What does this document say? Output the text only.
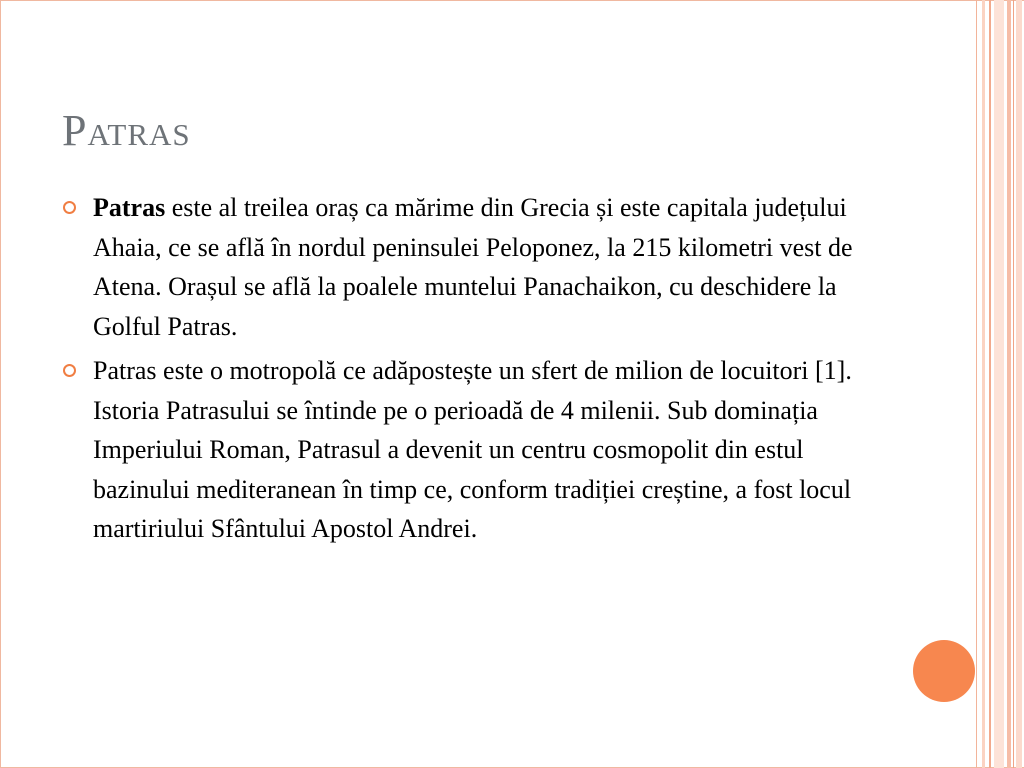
Patras
Patras este al treilea oraș ca mărime din Grecia și este capitala județului Ahaia, ce se află în nordul peninsulei Peloponez, la 215 kilometri vest de Atena. Orașul se află la poalele muntelui Panachaikon, cu deschidere la Golful Patras.
Patras este o motropolă ce adăpostește un sfert de milion de locuitori [1]. Istoria Patrasului se întinde pe o perioadă de 4 milenii. Sub dominația Imperiului Roman, Patrasul a devenit un centru cosmopolit din estul bazinului mediteranean în timp ce, conform tradiției creștine, a fost locul martiriului Sfântului Apostol Andrei.
